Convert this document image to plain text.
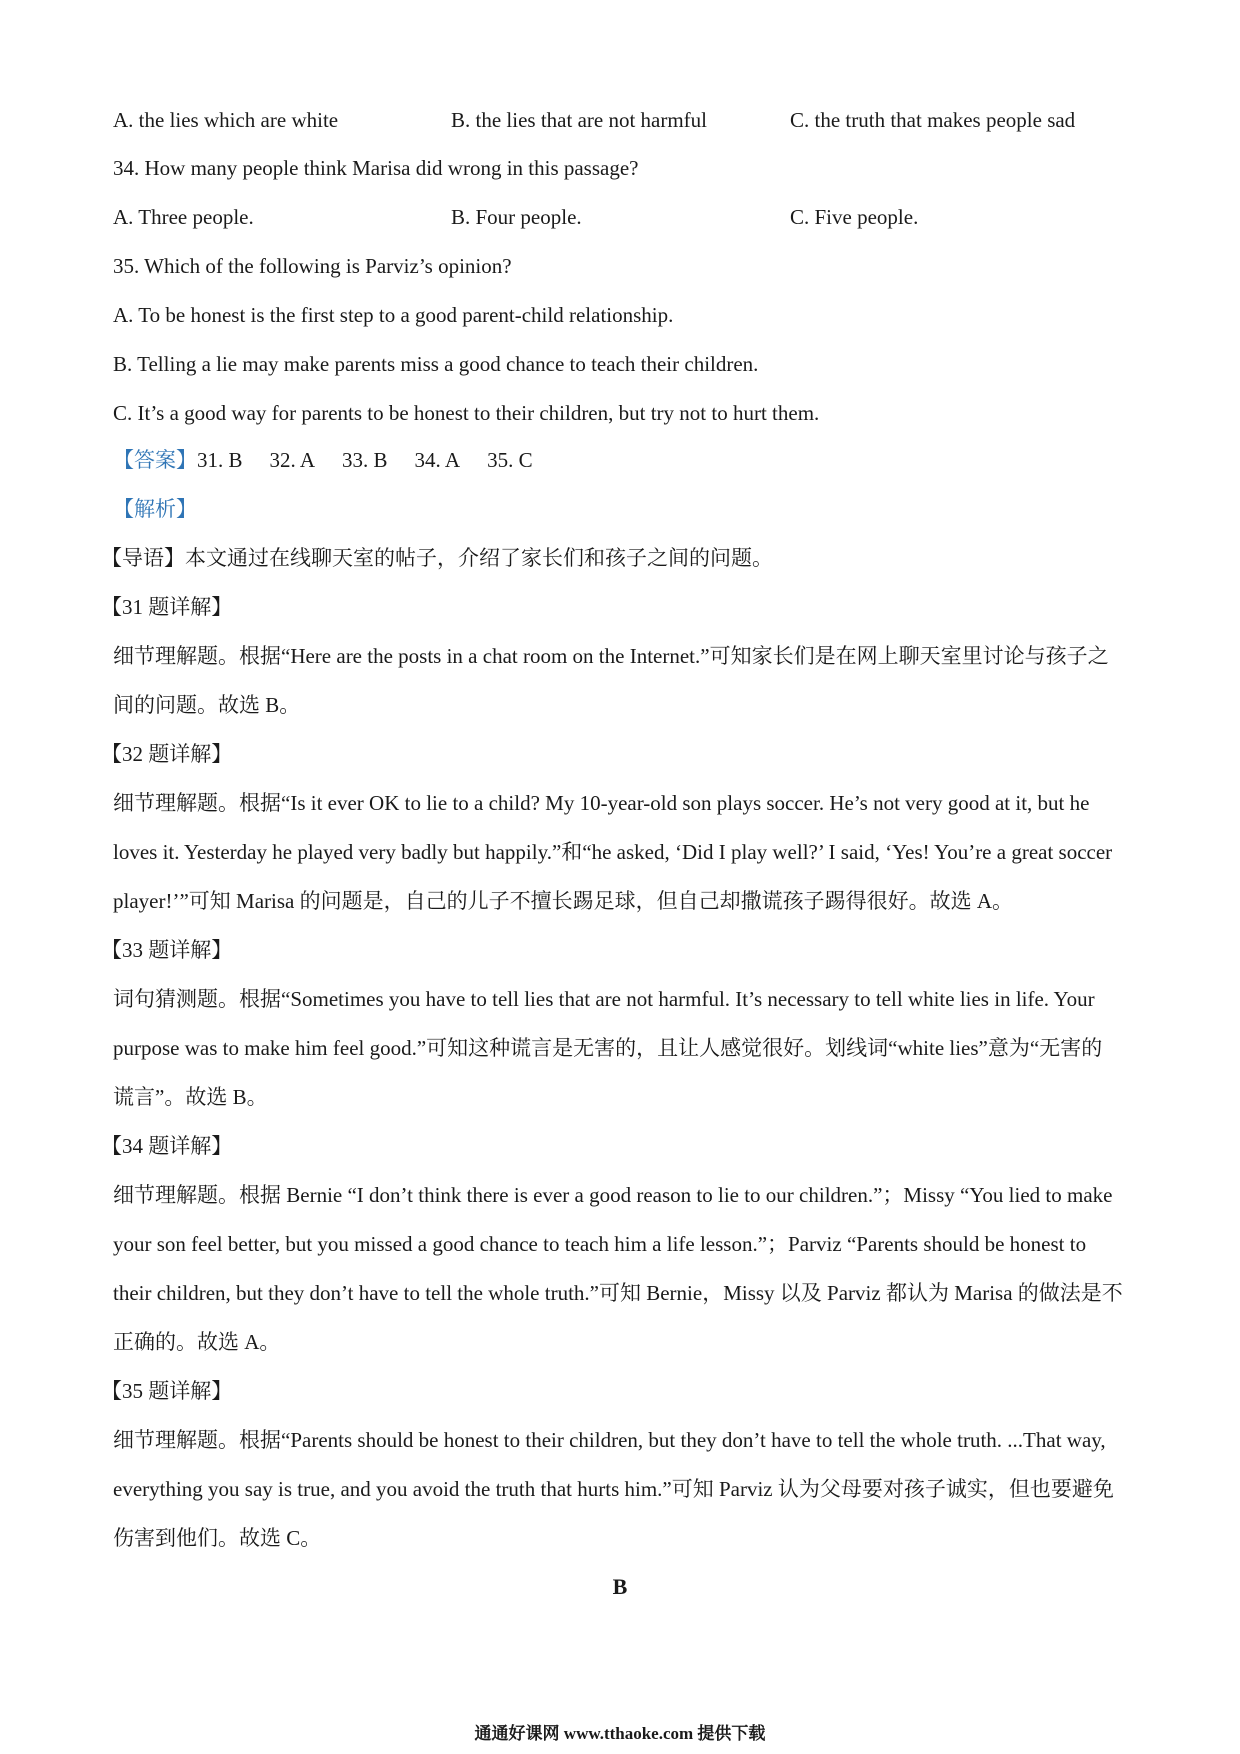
A. the lies which are white	B. the lies that are not harmful	C. the truth that makes people sad
34. How many people think Marisa did wrong in this passage?
A. Three people.	B. Four people.	C. Five people.
35. Which of the following is Parviz’s opinion?
A. To be honest is the first step to a good parent-child relationship.
B. Telling a lie may make parents miss a good chance to teach their children.
C. It’s a good way for parents to be honest to their children, but try not to hurt them.
【答案】31. B 32. A 33. B 34. A 35. C
【解析】
【导语】本文通过在线聊天室的帖子，介绍了家长们和孩子之间的问题。
【31 题详解】
细节理解题。根据“Here are the posts in a chat room on the Internet.”可知家长们是在网上聊天室里讨论与孩子之间的问题。故选 B。
【32 题详解】
细节理解题。根据“Is it ever OK to lie to a child? My 10-year-old son plays soccer. He’s not very good at it, but he loves it. Yesterday he played very badly but happily.”和“he asked, ‘Did I play well?’ I said, ‘Yes! You’re a great soccer player!’”可知 Marisa 的问题是，自己的儿子不擅长踢足球，但自己却撒谎孩子踢得很好。故选 A。
【33 题详解】
词句猜测题。根据“Sometimes you have to tell lies that are not harmful. It’s necessary to tell white lies in life. Your purpose was to make him feel good.”可知这种谎言是无害的，且让人感觉很好。划线词“white lies”意为“无害的谎言”。故选 B。
【34 题详解】
细节理解题。根据 Bernie “I don’t think there is ever a good reason to lie to our children.”；Missy “You lied to make your son feel better, but you missed a good chance to teach him a life lesson.”；Parviz “Parents should be honest to their children, but they don’t have to tell the whole truth.”可知 Bernie，Missy 以及 Parviz 都认为 Marisa 的做法是不正确的。故选 A。
【35 题详解】
细节理解题。根据“Parents should be honest to their children, but they don’t have to tell the whole truth. ...That way, everything you say is true, and you avoid the truth that hurts him.”可知 Parviz 认为父母要对孩子诚实，但也要避免伤害到他们。故选 C。
B
通通好课网 www.tthaoke.com 提供下载
